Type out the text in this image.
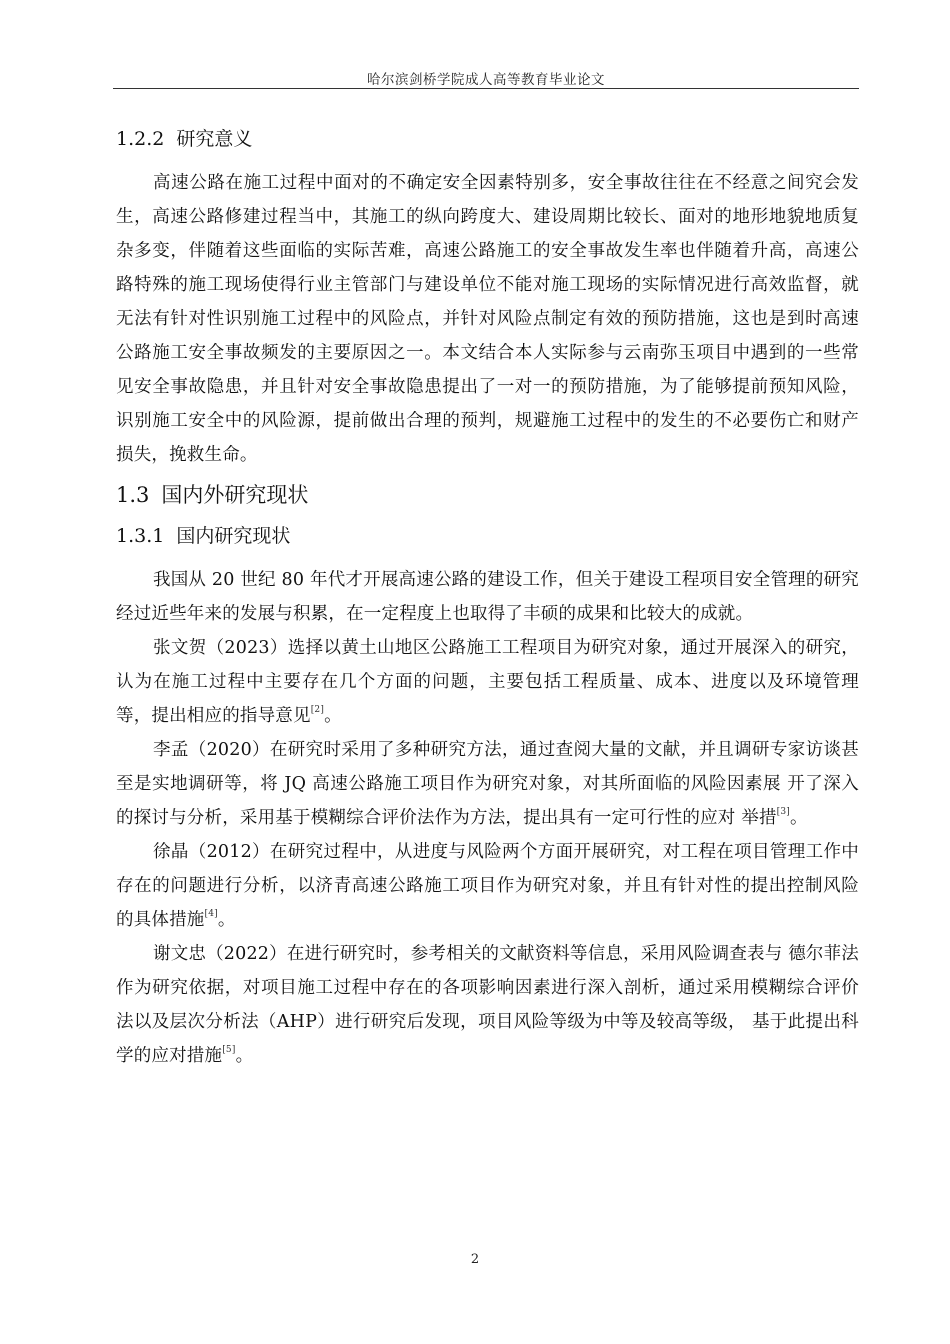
哈尔滨剑桥学院成人高等教育毕业论文
1.2.2 研究意义

高速公路在施工过程中面对的不确定安全因素特别多，安全事故往往在不经意之间究会发生，高速公路修建过程当中，其施工的纵向跨度大、建设周期比较长、面对的地形地貌地质复杂多变，伴随着这些面临的实际苦难，高速公路施工的安全事故发生率也伴随着升高，高速公路特殊的施工现场使得行业主管部门与建设单位不能对施工现场的实际情况进行高效监督，就无法有针对性识别施工过程中的风险点，并针对风险点制定有效的预防措施，这也是到时高速公路施工安全事故频发的主要原因之一。本文结合本人实际参与云南弥玉项目中遇到的一些常见安全事故隐患，并且针对安全事故隐患提出了一对一的预防措施，为了能够提前预知风险，识别施工安全中的风险源，提前做出合理的预判，规避施工过程中的发生的不必要伤亡和财产损失，挽救生命。

1.3 国内外研究现状
1.3.1 国内研究现状

我国从 20 世纪 80 年代才开展高速公路的建设工作，但关于建设工程项目安全管理的研究经过近些年来的发展与积累，在一定程度上也取得了丰硕的成果和比较大的成就。

张文贺（2023）选择以黄土山地区公路施工工程项目为研究对象，通过开展深入的研究，认为在施工过程中主要存在几个方面的问题，主要包括工程质量、成本、进度以及环境管理等，提出相应的指导意见[2]。

李孟（2020）在研究时采用了多种研究方法，通过查阅大量的文献，并且调研专家访谈甚至是实地调研等，将 JQ 高速公路施工项目作为研究对象，对其所面临的风险因素展 开了深入的探讨与分析，采用基于模糊综合评价法作为方法，提出具有一定可行性的应对 举措[3]。

徐晶（2012）在研究过程中，从进度与风险两个方面开展研究，对工程在项目管理工作中存在的问题进行分析，以济青高速公路施工项目作为研究对象，并且有针对性的提出控制风险的具体措施[4]。

谢文忠（2022）在进行研究时，参考相关的文献资料等信息，采用风险调查表与 德尔菲法作为研究依据，对项目施工过程中存在的各项影响因素进行深入剖析，通过采用模糊综合评价法以及层次分析法（AHP）进行研究后发现，项目风险等级为中等及较高等级， 基于此提出科学的应对措施[5]。

2
